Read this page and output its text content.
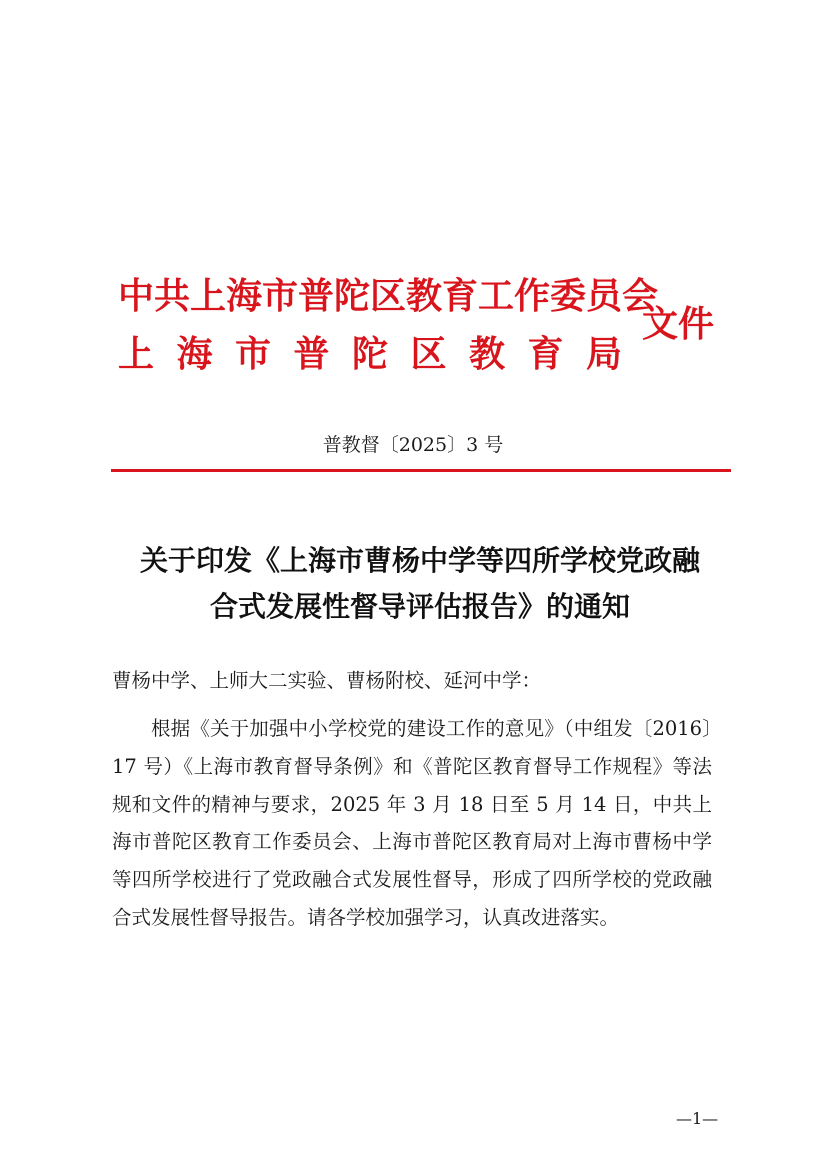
中共上海市普陀区教育工作委员会
上海市普陀区教育局
文件
普教督〔2025〕3 号
关于印发《上海市曹杨中学等四所学校党政融
合式发展性督导评估报告》的通知
曹杨中学、上师大二实验、曹杨附校、延河中学：

根据《关于加强中小学校党的建设工作的意见》（中组发〔2016〕17 号）《上海市教育督导条例》和《普陀区教育督导工作规程》等法规和文件的精神与要求，2025 年 3 月 18 日至 5 月 14 日，中共上海市普陀区教育工作委员会、上海市普陀区教育局对上海市曹杨中学等四所学校进行了党政融合式发展性督导，形成了四所学校的党政融合式发展性督导报告。请各学校加强学习，认真改进落实。

—1—
